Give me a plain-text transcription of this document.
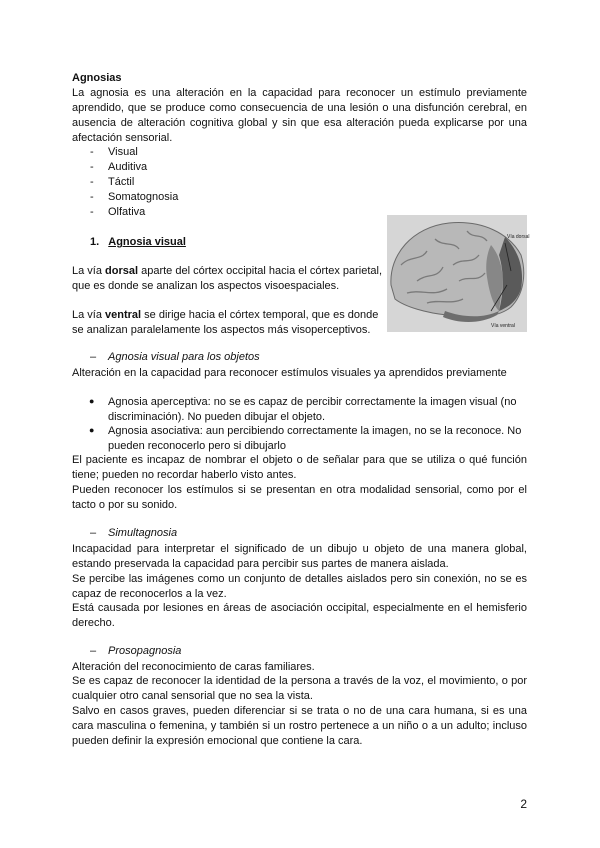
Agnosias
La agnosia es una alteración en la capacidad para reconocer un estímulo previamente
aprendido, que se produce como consecuencia de una lesión o una disfunción cerebral, en
ausencia de alteración cognitiva global y sin que esa alteración pueda explicarse por una
afectación sensorial.
- Visual
- Auditiva
- Táctil
- Somatognosia
- Olfativa
1. Agnosia visual
La vía dorsal aparte del córtex occipital hacia el córtex parietal,
que es donde se analizan los aspectos visoespaciales.
La vía ventral se dirige hacia el córtex temporal, que es donde
se analizan paralelamente los aspectos más visoperceptivos.
Vía dorsal
Vía ventral
– Agnosia visual para los objetos
Alteración en la capacidad para reconocer estímulos visuales ya aprendidos previamente
● Agnosia aperceptiva: no se es capaz de percibir correctamente la imagen visual (no
discriminación). No pueden dibujar el objeto.
● Agnosia asociativa: aun percibiendo correctamente la imagen, no se la reconoce. No
pueden reconocerlo pero si dibujarlo
El paciente es incapaz de nombrar el objeto o de señalar para que se utiliza o qué función
tiene; pueden no recordar haberlo visto antes.
Pueden reconocer los estímulos si se presentan en otra modalidad sensorial, como por el
tacto o por su sonido.
– Simultagnosia
Incapacidad para interpretar el significado de un dibujo u objeto de una manera global,
estando preservada la capacidad para percibir sus partes de manera aislada.
Se percibe las imágenes como un conjunto de detalles aislados pero sin conexión, no se es
capaz de reconocerlos a la vez.
Está causada por lesiones en áreas de asociación occipital, especialmente en el hemisferio
derecho.
– Prosopagnosia
Alteración del reconocimiento de caras familiares.
Se es capaz de reconocer la identidad de la persona a través de la voz, el movimiento, o por
cualquier otro canal sensorial que no sea la vista.
Salvo en casos graves, pueden diferenciar si se trata o no de una cara humana, si es una
cara masculina o femenina, y también si un rostro pertenece a un niño o a un adulto; incluso
pueden definir la expresión emocional que contiene la cara.
2
